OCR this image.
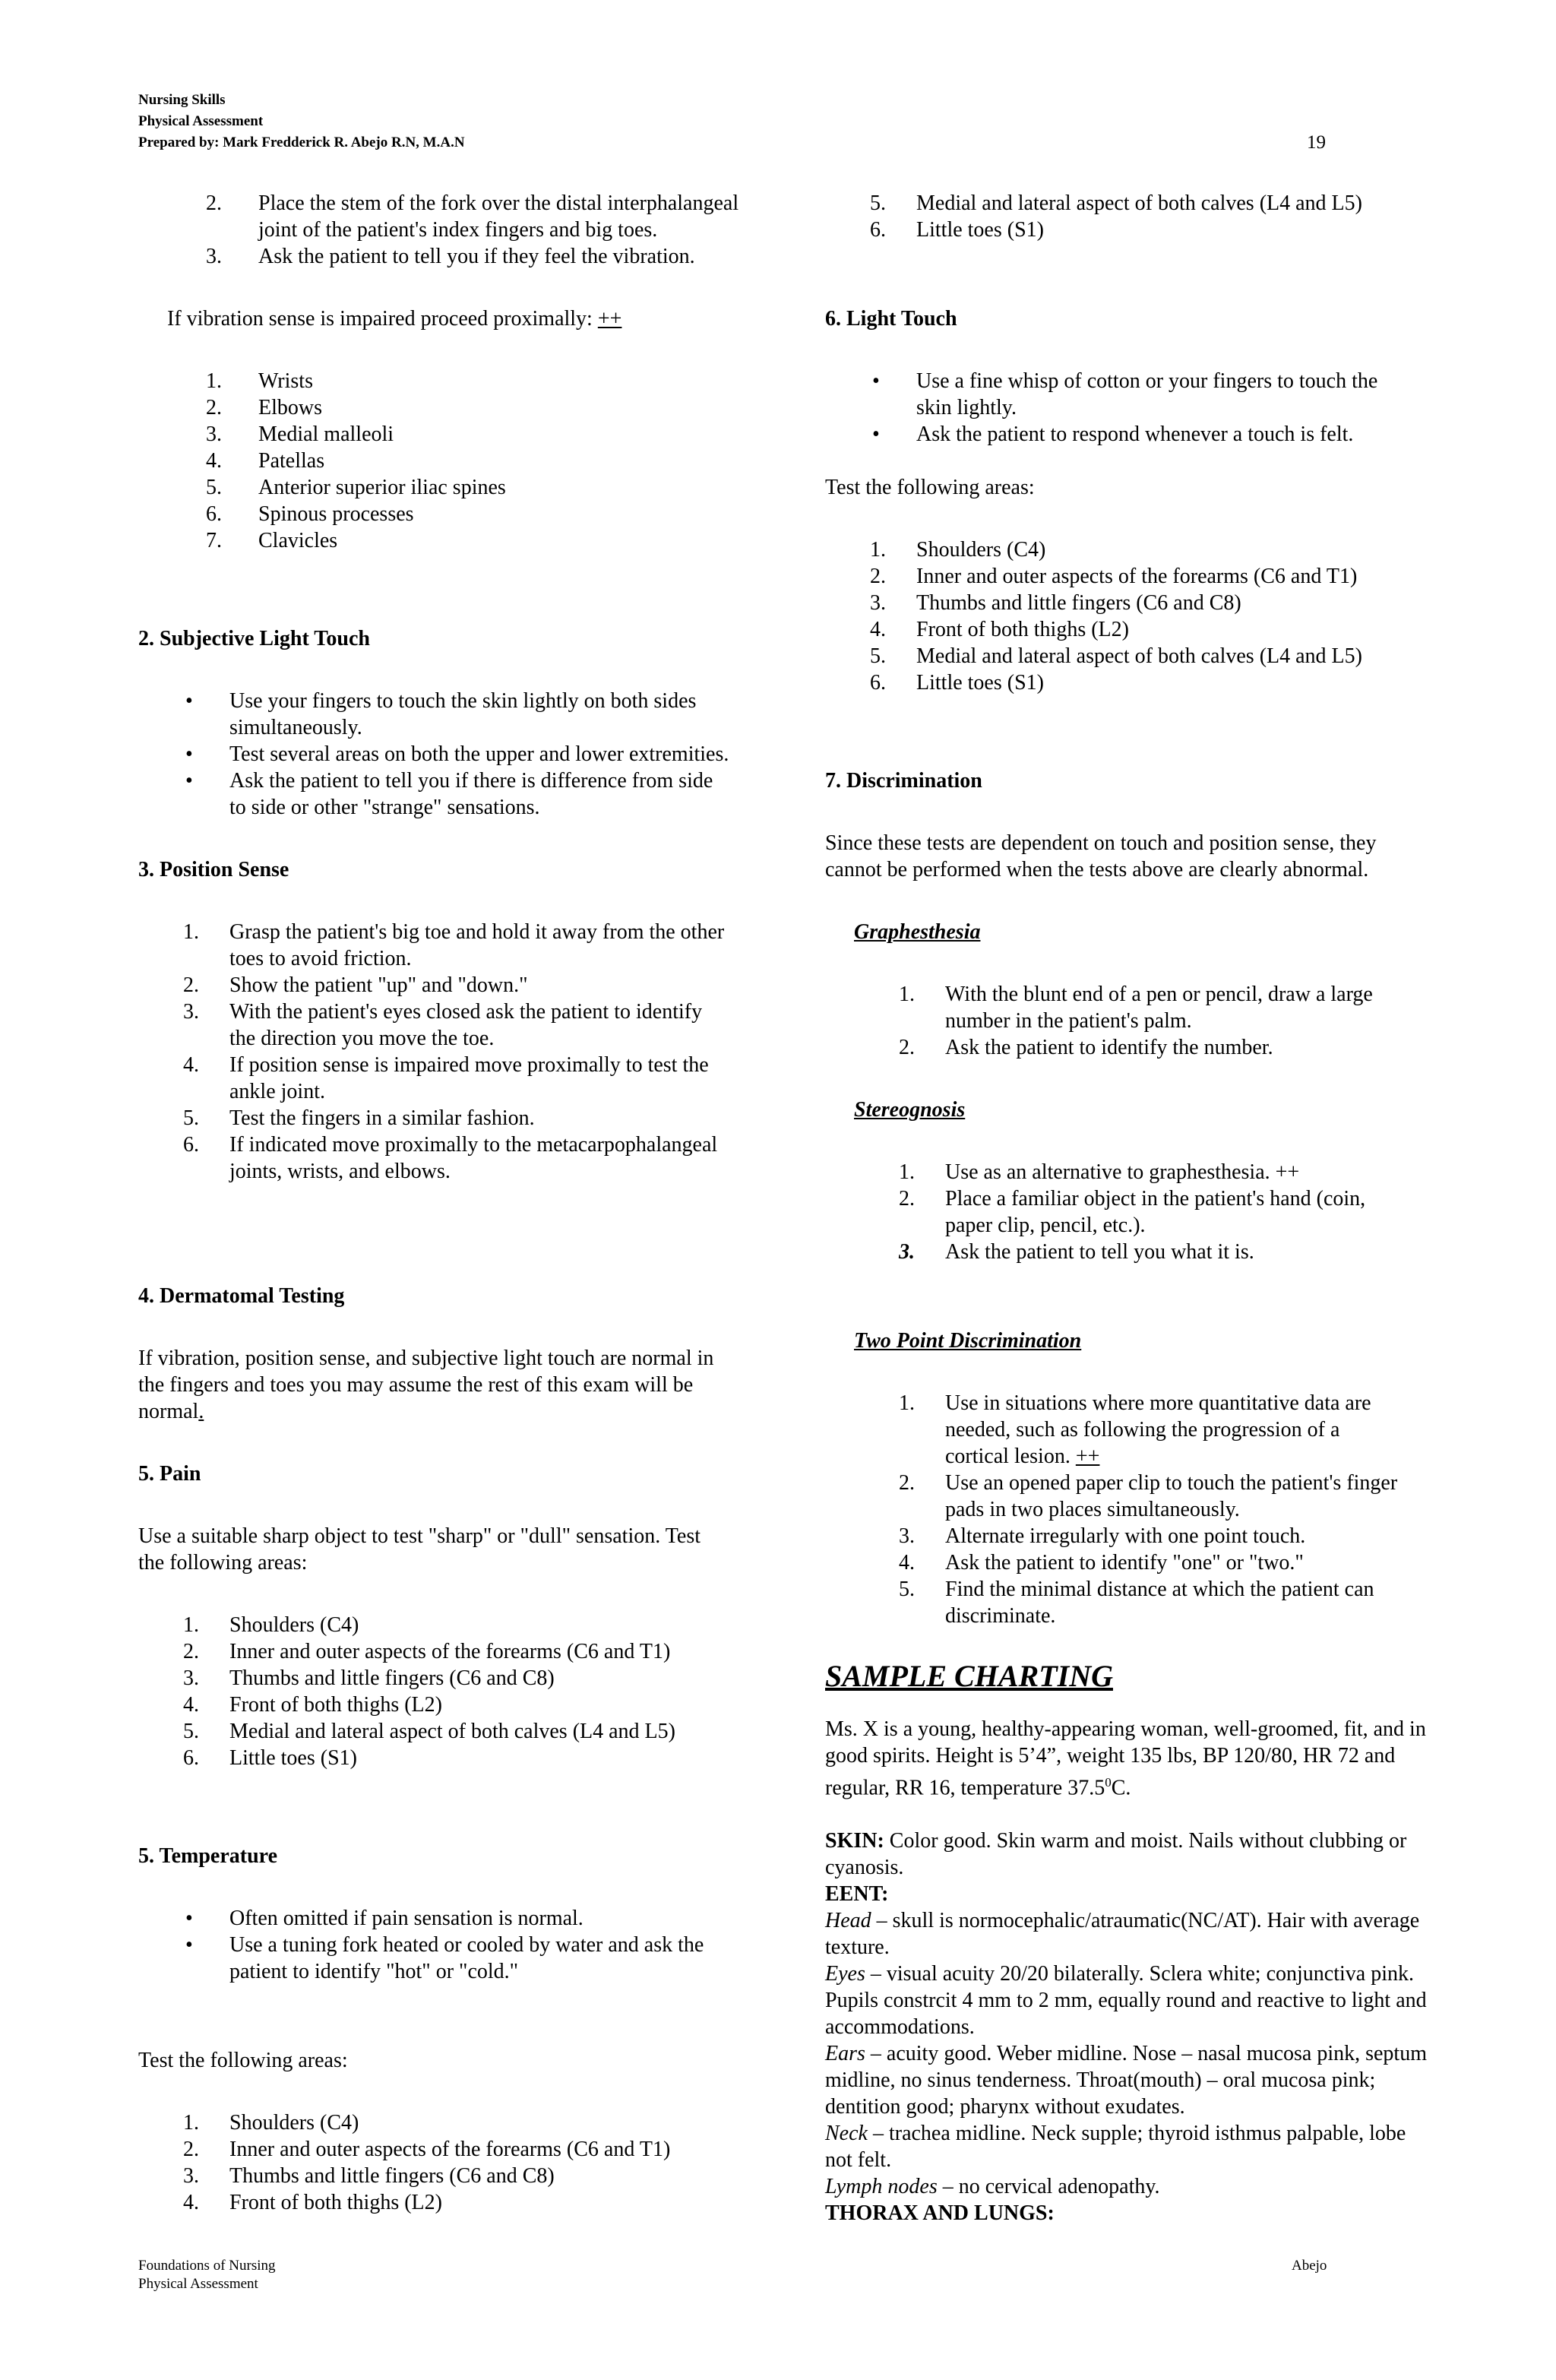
Nursing Skills
Physical Assessment
Prepared by: Mark Fredderick R. Abejo R.N, M.A.N	19
2. Place the stem of the fork over the distal interphalangeal joint of the patient's index fingers and big toes.
3. Ask the patient to tell you if they feel the vibration.

If vibration sense is impaired proceed proximally: ++

1. Wrists
2. Elbows
3. Medial malleoli
4. Patellas
5. Anterior superior iliac spines
6. Spinous processes
7. Clavicles

2. Subjective Light Touch

• Use your fingers to touch the skin lightly on both sides simultaneously.
• Test several areas on both the upper and lower extremities.
• Ask the patient to tell you if there is difference from side to side or other "strange" sensations.

3. Position Sense

1. Grasp the patient's big toe and hold it away from the other toes to avoid friction.
2. Show the patient "up" and "down."
3. With the patient's eyes closed ask the patient to identify the direction you move the toe.
4. If position sense is impaired move proximally to test the ankle joint.
5. Test the fingers in a similar fashion.
6. If indicated move proximally to the metacarpophalangeal joints, wrists, and elbows.

4. Dermatomal Testing

If vibration, position sense, and subjective light touch are normal in the fingers and toes you may assume the rest of this exam will be normal.

5. Pain

Use a suitable sharp object to test "sharp" or "dull" sensation. Test the following areas:

1. Shoulders (C4)
2. Inner and outer aspects of the forearms (C6 and T1)
3. Thumbs and little fingers (C6 and C8)
4. Front of both thighs (L2)
5. Medial and lateral aspect of both calves (L4 and L5)
6. Little toes (S1)

5. Temperature

• Often omitted if pain sensation is normal.
• Use a tuning fork heated or cooled by water and ask the patient to identify "hot" or "cold."

Test the following areas:

1. Shoulders (C4)
2. Inner and outer aspects of the forearms (C6 and T1)
3. Thumbs and little fingers (C6 and C8)
4. Front of both thighs (L2)
5. Medial and lateral aspect of both calves (L4 and L5)
6. Little toes (S1)

6. Light Touch

• Use a fine whisp of cotton or your fingers to touch the skin lightly.
• Ask the patient to respond whenever a touch is felt.

Test the following areas:

1. Shoulders (C4)
2. Inner and outer aspects of the forearms (C6 and T1)
3. Thumbs and little fingers (C6 and C8)
4. Front of both thighs (L2)
5. Medial and lateral aspect of both calves (L4 and L5)
6. Little toes (S1)

7. Discrimination

Since these tests are dependent on touch and position sense, they cannot be performed when the tests above are clearly abnormal.

Graphesthesia

1. With the blunt end of a pen or pencil, draw a large number in the patient's palm.
2. Ask the patient to identify the number.

Stereognosis

1. Use as an alternative to graphesthesia. ++
2. Place a familiar object in the patient's hand (coin, paper clip, pencil, etc.).
3. Ask the patient to tell you what it is.

Two Point Discrimination

1. Use in situations where more quantitative data are needed, such as following the progression of a cortical lesion. ++
2. Use an opened paper clip to touch the patient's finger pads in two places simultaneously.
3. Alternate irregularly with one point touch.
4. Ask the patient to identify "one" or "two."
5. Find the minimal distance at which the patient can discriminate.

SAMPLE CHARTING

Ms. X is a young, healthy-appearing woman, well-groomed, fit, and in good spirits. Height is 5’4”, weight 135 lbs, BP 120/80, HR 72 and regular, RR 16, temperature 37.5$^0$C.

SKIN: Color good. Skin warm and moist. Nails without clubbing or cyanosis.

EENT:

Head – skull is normocephalic/atraumatic(NC/AT). Hair with average texture.

Eyes – visual acuity 20/20 bilaterally. Sclera white; conjunctiva pink. Pupils constrcit 4 mm to 2 mm, equally round and reactive to light and accommodations.

Ears – acuity good. Weber midline. Nose – nasal mucosa pink, septum midline, no sinus tenderness. Throat(mouth) – oral mucosa pink; dentition good; pharynx without exudates.

Neck – trachea midline. Neck supple; thyroid isthmus palpable, lobe not felt.

Lymph nodes – no cervical adenopathy.

THORAX AND LUNGS:

Foundations of Nursing
Physical Assessment
Abejo
